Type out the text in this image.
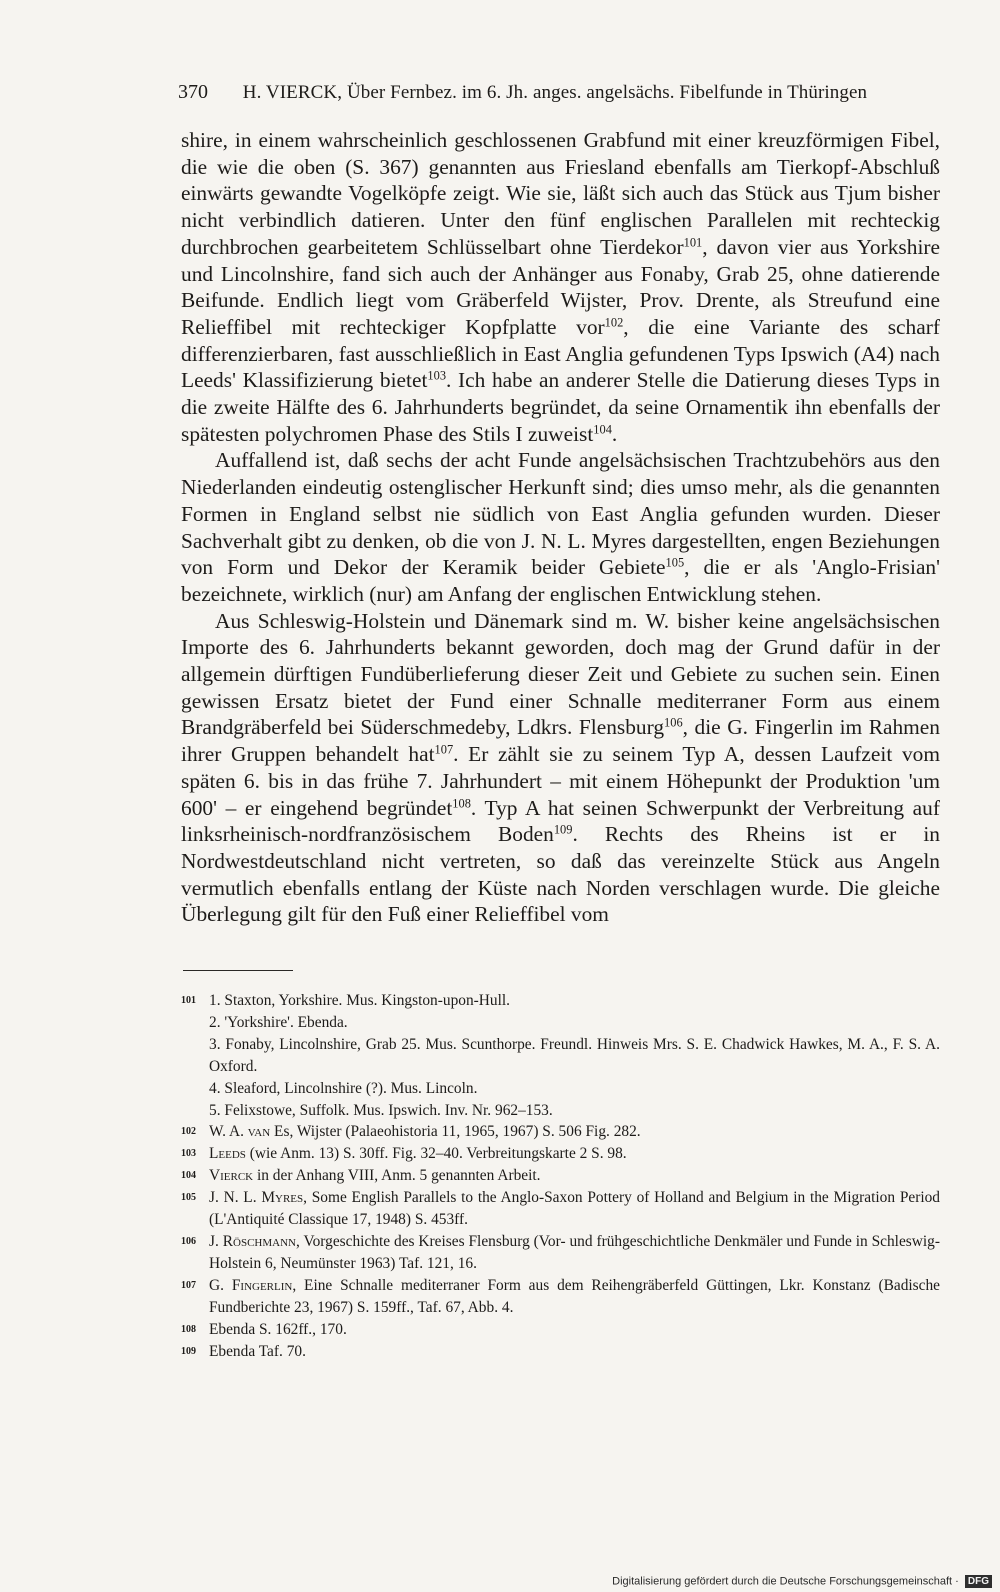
370 H. VIERCK, Über Fernbez. im 6. Jh. anges. angelsächs. Fibelfunde in Thüringen

shire, in einem wahrscheinlich geschlossenen Grabfund mit einer kreuzförmigen Fibel, die wie die oben (S. 367) genannten aus Friesland ebenfalls am Tierkopf-Abschluß einwärts gewandte Vogelköpfe zeigt. Wie sie, läßt sich auch das Stück aus Tjum bisher nicht verbindlich datieren. Unter den fünf englischen Parallelen mit rechteckig durchbrochen gearbeitetem Schlüsselbart ohne Tierdekor$^{101}$, davon vier aus Yorkshire und Lincolnshire, fand sich auch der Anhänger aus Fonaby, Grab 25, ohne datierende Beifunde. Endlich liegt vom Gräberfeld Wijster, Prov. Drente, als Streufund eine Relieffibel mit rechteckiger Kopfplatte vor$^{102}$, die eine Variante des scharf differenzierbaren, fast ausschließlich in East Anglia gefundenen Typs Ipswich (A4) nach Leeds' Klassifizierung bietet$^{103}$. Ich habe an anderer Stelle die Datierung dieses Typs in die zweite Hälfte des 6. Jahrhunderts begründet, da seine Ornamentik ihn ebenfalls der spätesten polychromen Phase des Stils I zuweist$^{104}$.

Auffallend ist, daß sechs der acht Funde angelsächsischen Trachtzubehörs aus den Niederlanden eindeutig ostenglischer Herkunft sind; dies umso mehr, als die genannten Formen in England selbst nie südlich von East Anglia gefunden wurden. Dieser Sachverhalt gibt zu denken, ob die von J. N. L. Myres dargestellten, engen Beziehungen von Form und Dekor der Keramik beider Gebiete$^{105}$, die er als 'Anglo-Frisian' bezeichnete, wirklich (nur) am Anfang der englischen Entwicklung stehen.

Aus Schleswig-Holstein und Dänemark sind m. W. bisher keine angelsächsischen Importe des 6. Jahrhunderts bekannt geworden, doch mag der Grund dafür in der allgemein dürftigen Fundüberlieferung dieser Zeit und Gebiete zu suchen sein. Einen gewissen Ersatz bietet der Fund einer Schnalle mediterraner Form aus einem Brandgräberfeld bei Süderschmedeby, Ldkrs. Flensburg$^{106}$, die G. Fingerlin im Rahmen ihrer Gruppen behandelt hat$^{107}$. Er zählt sie zu seinem Typ A, dessen Laufzeit vom späten 6. bis in das frühe 7. Jahrhundert – mit einem Höhepunkt der Produktion 'um 600' – er eingehend begründet$^{108}$. Typ A hat seinen Schwerpunkt der Verbreitung auf linksrheinisch-nordfranzösischem Boden$^{109}$. Rechts des Rheins ist er in Nordwestdeutschland nicht vertreten, so daß das vereinzelte Stück aus Angeln vermutlich ebenfalls entlang der Küste nach Norden verschlagen wurde. Die gleiche Überlegung gilt für den Fuß einer Relieffibel vom

101 1. Staxton, Yorkshire. Mus. Kingston-upon-Hull.
2. 'Yorkshire'. Ebenda.
3. Fonaby, Lincolnshire, Grab 25. Mus. Scunthorpe. Freundl. Hinweis Mrs. S. E. Chadwick Hawkes, M. A., F. S. A. Oxford.
4. Sleaford, Lincolnshire (?). Mus. Lincoln.
5. Felixstowe, Suffolk. Mus. Ipswich. Inv. Nr. 962–153.
102 W. A. van Es, Wijster (Palaeohistoria 11, 1965, 1967) S. 506 Fig. 282.
103 Leeds (wie Anm. 13) S. 30ff. Fig. 32–40. Verbreitungskarte 2 S. 98.
104 Vierck in der Anhang VIII, Anm. 5 genannten Arbeit.
105 J. N. L. Myres, Some English Parallels to the Anglo-Saxon Pottery of Holland and Belgium in the Migration Period (L'Antiquité Classique 17, 1948) S. 453ff.
106 J. Röschmann, Vorgeschichte des Kreises Flensburg (Vor- und frühgeschichtliche Denkmäler und Funde in Schleswig-Holstein 6, Neumünster 1963) Taf. 121, 16.
107 G. Fingerlin, Eine Schnalle mediterraner Form aus dem Reihengräberfeld Güttingen, Lkr. Konstanz (Badische Fundberichte 23, 1967) S. 159ff., Taf. 67, Abb. 4.
108 Ebenda S. 162ff., 170.
109 Ebenda Taf. 70.
Digitalisierung gefördert durch die Deutsche Forschungsgemeinschaft · DFG
